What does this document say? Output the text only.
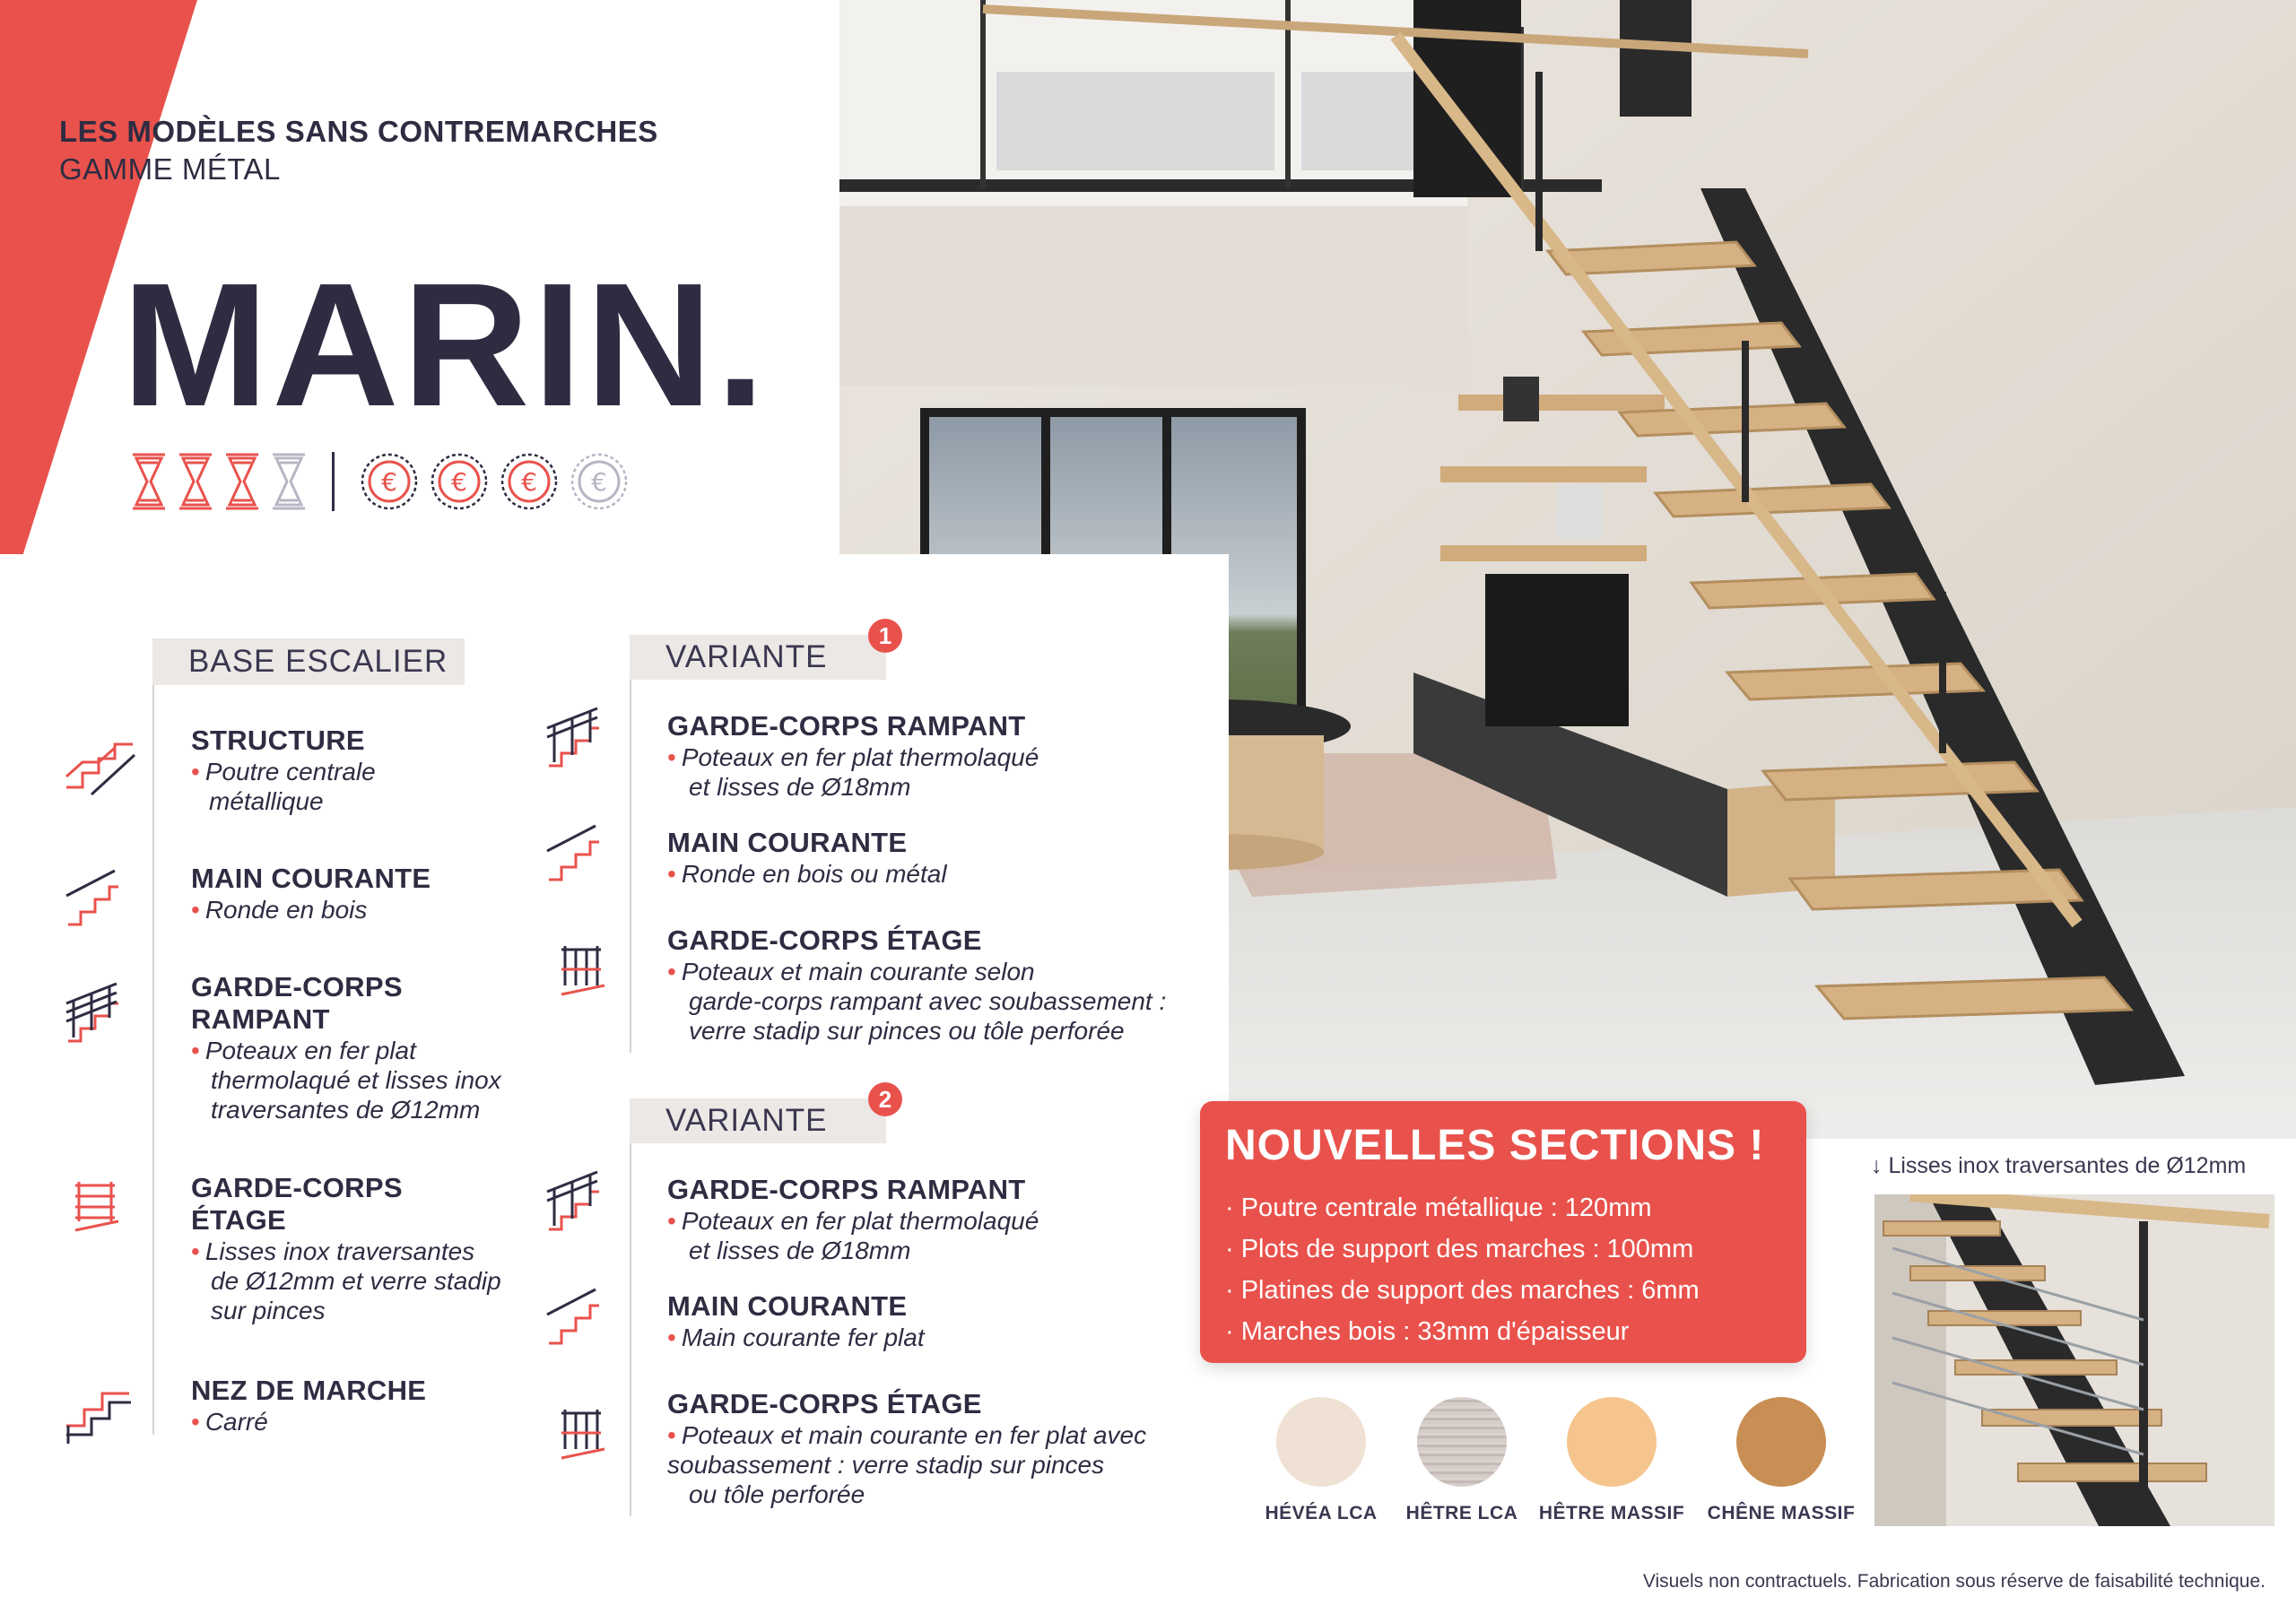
LES MODÈLES SANS CONTREMARCHES
GAMME MÉTAL
MARIN.
€ € € €
BASE ESCALIER
STRUCTURE
• Poutre centrale
métallique
MAIN COURANTE
• Ronde en bois
GARDE-CORPS
RAMPANT
• Poteaux en fer plat
thermolaqué et lisses inox
traversantes de Ø12mm
GARDE-CORPS
ÉTAGE
• Lisses inox traversantes
de Ø12mm et verre stadip
sur pinces
NEZ DE MARCHE
• Carré
VARIANTE
1
GARDE-CORPS RAMPANT
• Poteaux en fer plat thermolaqué
et lisses de Ø18mm
MAIN COURANTE
• Ronde en bois ou métal
GARDE-CORPS ÉTAGE
• Poteaux et main courante selon
garde-corps rampant avec soubassement :
verre stadip sur pinces ou tôle perforée
VARIANTE
2
GARDE-CORPS RAMPANT
• Poteaux en fer plat thermolaqué
et lisses de Ø18mm
MAIN COURANTE
• Main courante fer plat
GARDE-CORPS ÉTAGE
• Poteaux et main courante en fer plat avec
soubassement : verre stadip sur pinces
ou tôle perforée
NOUVELLES SECTIONS !
· Poutre centrale métallique : 120mm
· Plots de support des marches : 100mm
· Platines de support des marches : 6mm
· Marches bois : 33mm d'épaisseur
HÉVÉA LCA	HÊTRE LCA	HÊTRE MASSIF	CHÊNE MASSIF
↓ Lisses inox traversantes de Ø12mm
Visuels non contractuels. Fabrication sous réserve de faisabilité technique.
